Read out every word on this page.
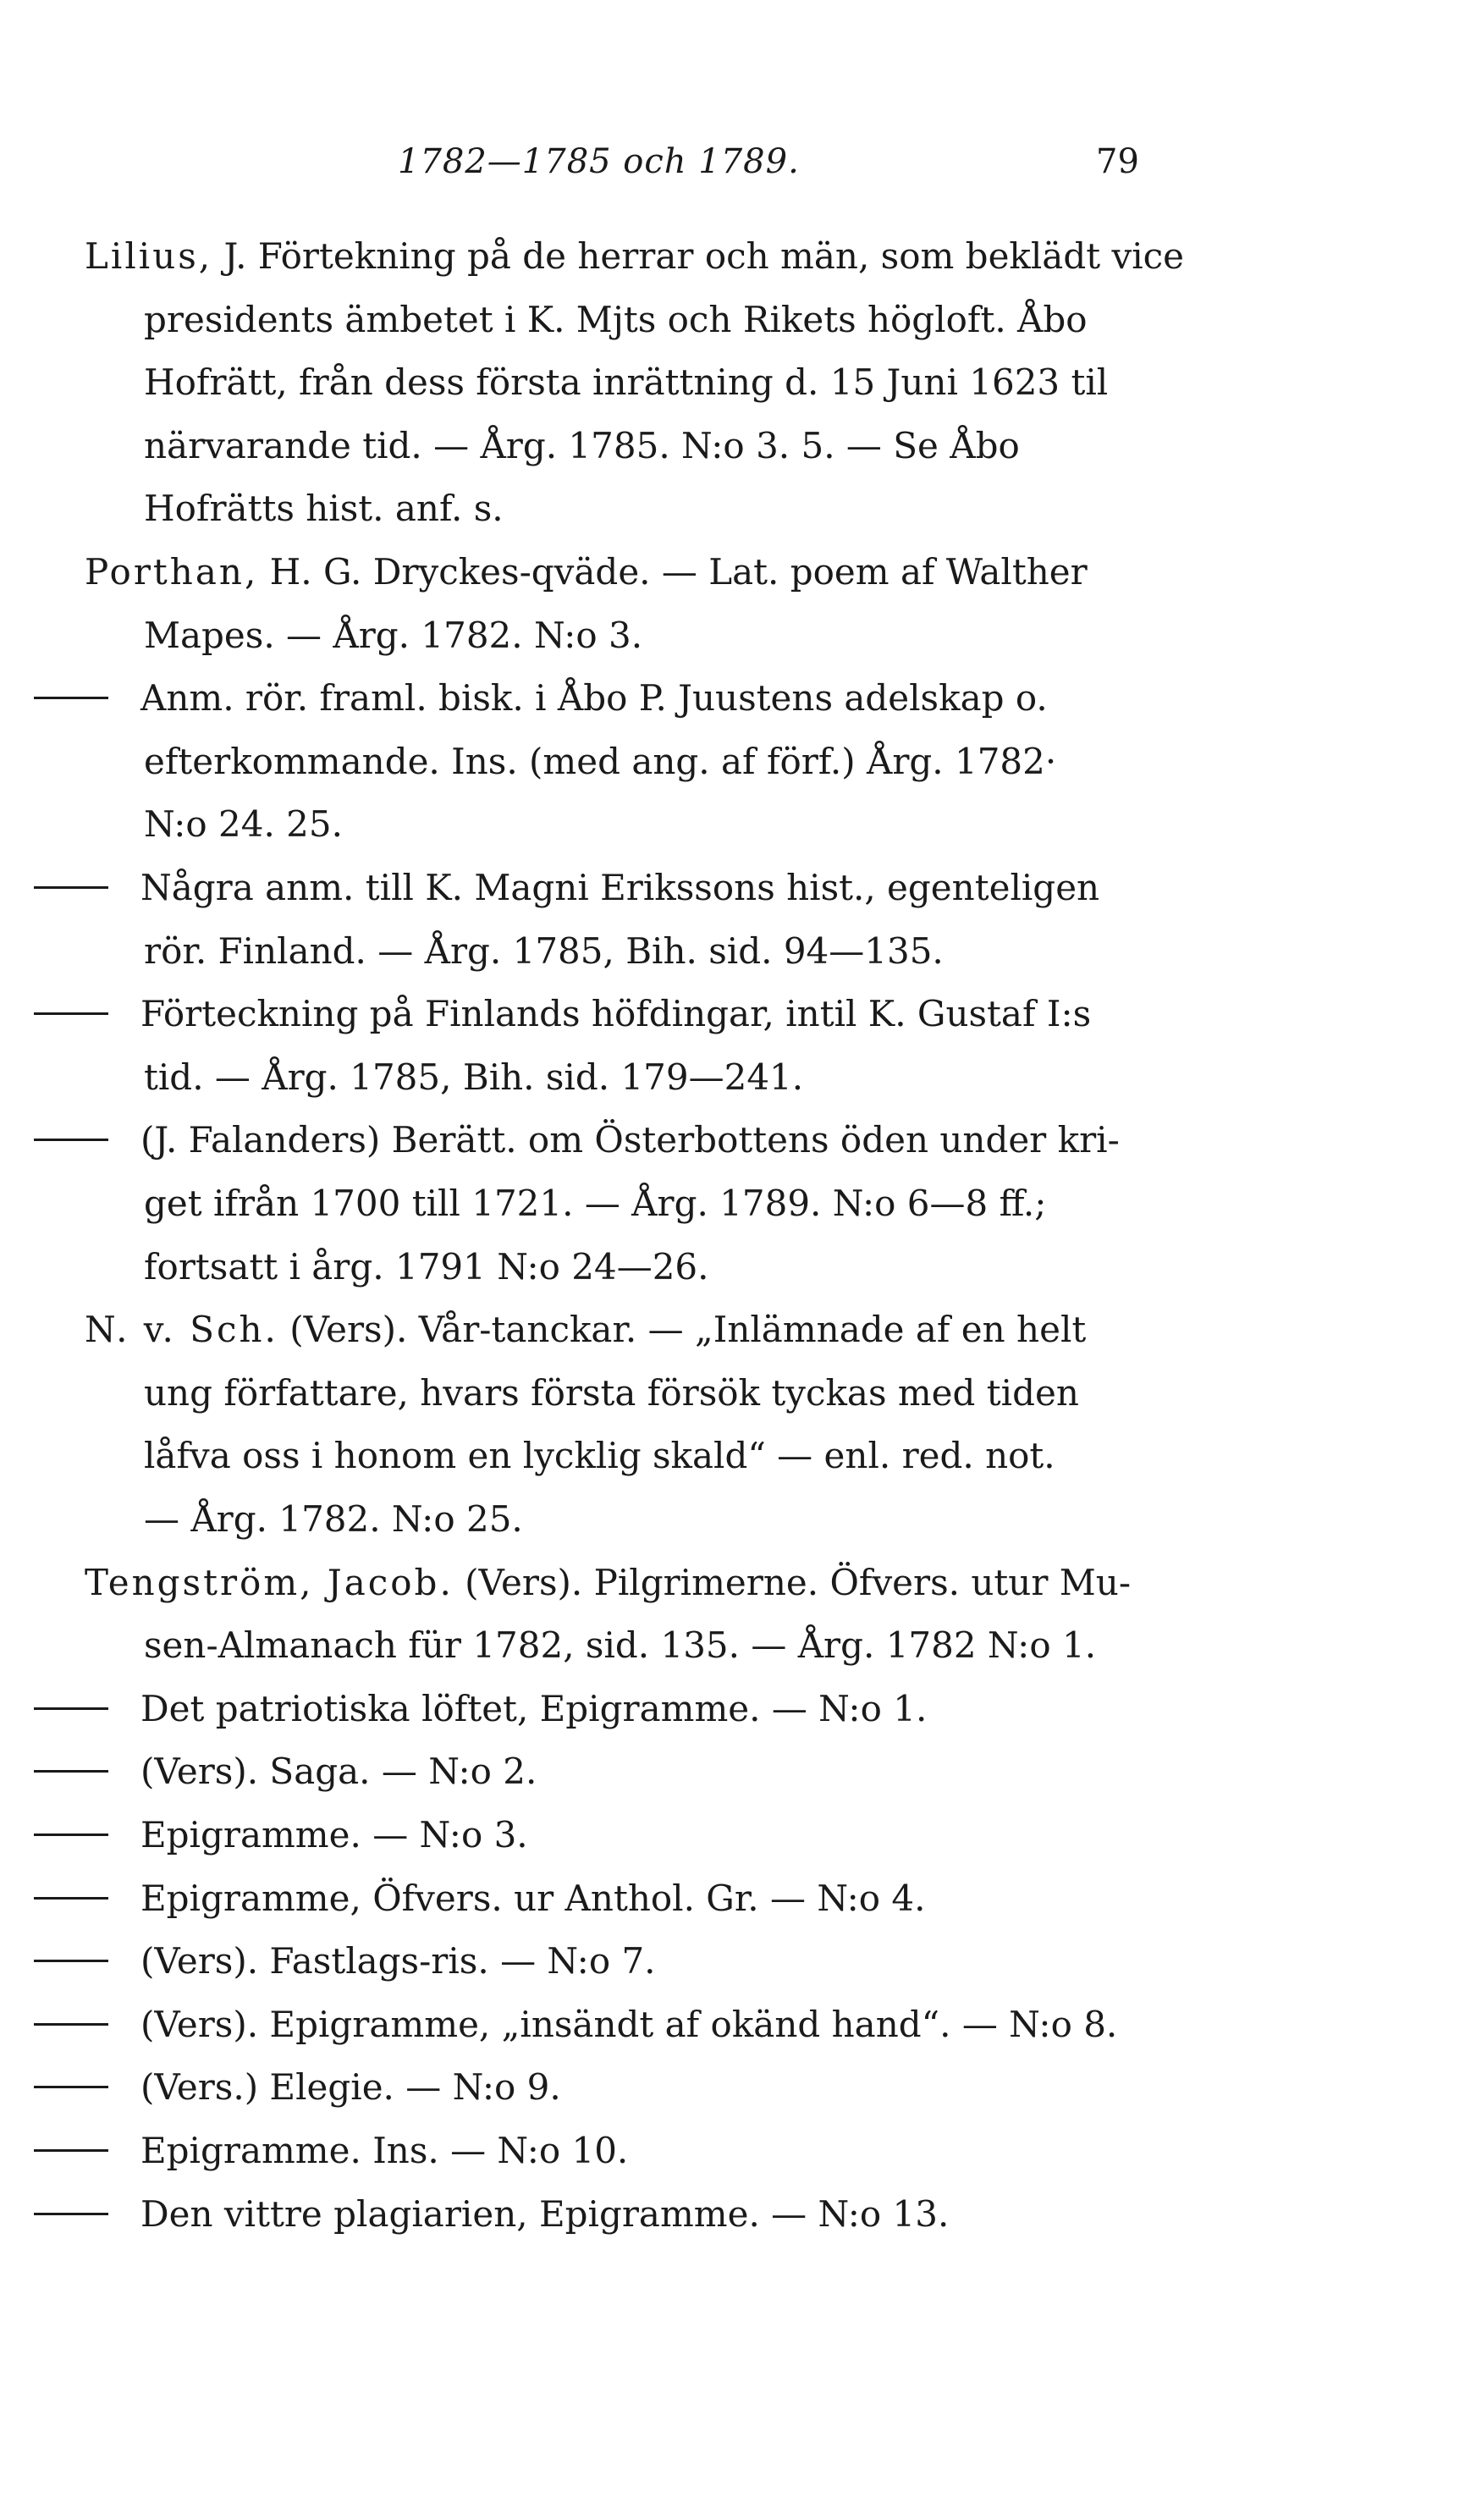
1782—1785 och 1789.	79
Lilius, J. Förtekning på de herrar och män, som beklädt vice
presidents ämbetet i K. Mjts och Rikets högloft. Åbo
Hofrätt, från dess första inrättning d. 15 Juni 1623 til
närvarande tid. — Årg. 1785. N:o 3. 5. — Se Åbo
Hofrätts hist. anf. s.
Porthan, H. G. Dryckes-qväde. — Lat. poem af Walther
Mapes. — Årg. 1782. N:o 3.
Anm. rör. framl. bisk. i Åbo P. Juustens adelskap o.
efterkommande. Ins. (med ang. af förf.) Årg. 1782·
N:o 24. 25.
Några anm. till K. Magni Erikssons hist., egenteligen
rör. Finland. — Årg. 1785, Bih. sid. 94—135.
Förteckning på Finlands höfdingar, intil K. Gustaf I:s
tid. — Årg. 1785, Bih. sid. 179—241.
(J. Falanders) Berätt. om Österbottens öden under kri-
get ifrån 1700 till 1721. — Årg. 1789. N:o 6—8 ff.;
fortsatt i årg. 1791 N:o 24—26.
N. v. Sch. (Vers). Vår-tanckar. — „Inlämnade af en helt
ung författare, hvars första försök tyckas med tiden
låfva oss i honom en lycklig skald“ — enl. red. not.
— Årg. 1782. N:o 25.
Tengström, Jacob. (Vers). Pilgrimerne. Öfvers. utur Mu-
sen-Almanach für 1782, sid. 135. — Årg. 1782 N:o 1.
Det patriotiska löftet, Epigramme. — N:o 1.
(Vers). Saga. — N:o 2.
Epigramme. — N:o 3.
Epigramme, Öfvers. ur Anthol. Gr. — N:o 4.
(Vers). Fastlags-ris. — N:o 7.
(Vers). Epigramme, „insändt af okänd hand“. — N:o 8.
(Vers.) Elegie. — N:o 9.
Epigramme. Ins. — N:o 10.
Den vittre plagiarien, Epigramme. — N:o 13.
